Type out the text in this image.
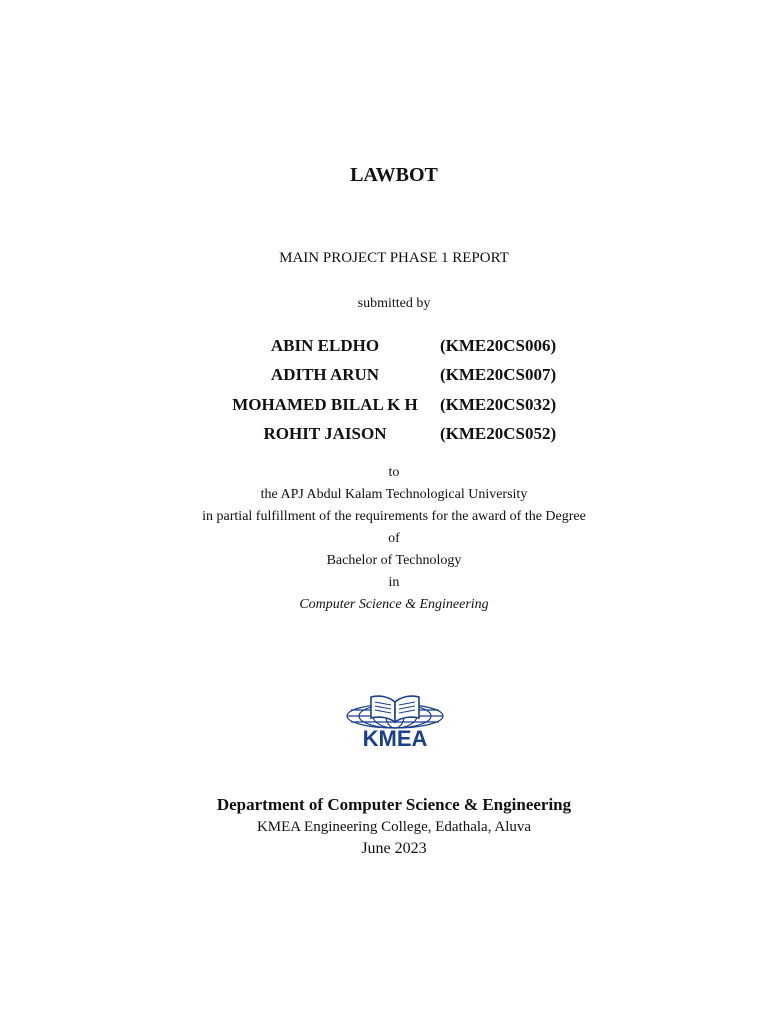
LAWBOT
MAIN PROJECT PHASE 1 REPORT
submitted by
ABIN ELDHO	(KME20CS006)
ADITH ARUN	(KME20CS007)
MOHAMED BILAL K H	(KME20CS032)
ROHIT JAISON	(KME20CS052)
to
the APJ Abdul Kalam Technological University
in partial fulfillment of the requirements for the award of the Degree
of
Bachelor of Technology
in
Computer Science & Engineering
KMEA
Department of Computer Science & Engineering
KMEA Engineering College, Edathala, Aluva
June 2023
